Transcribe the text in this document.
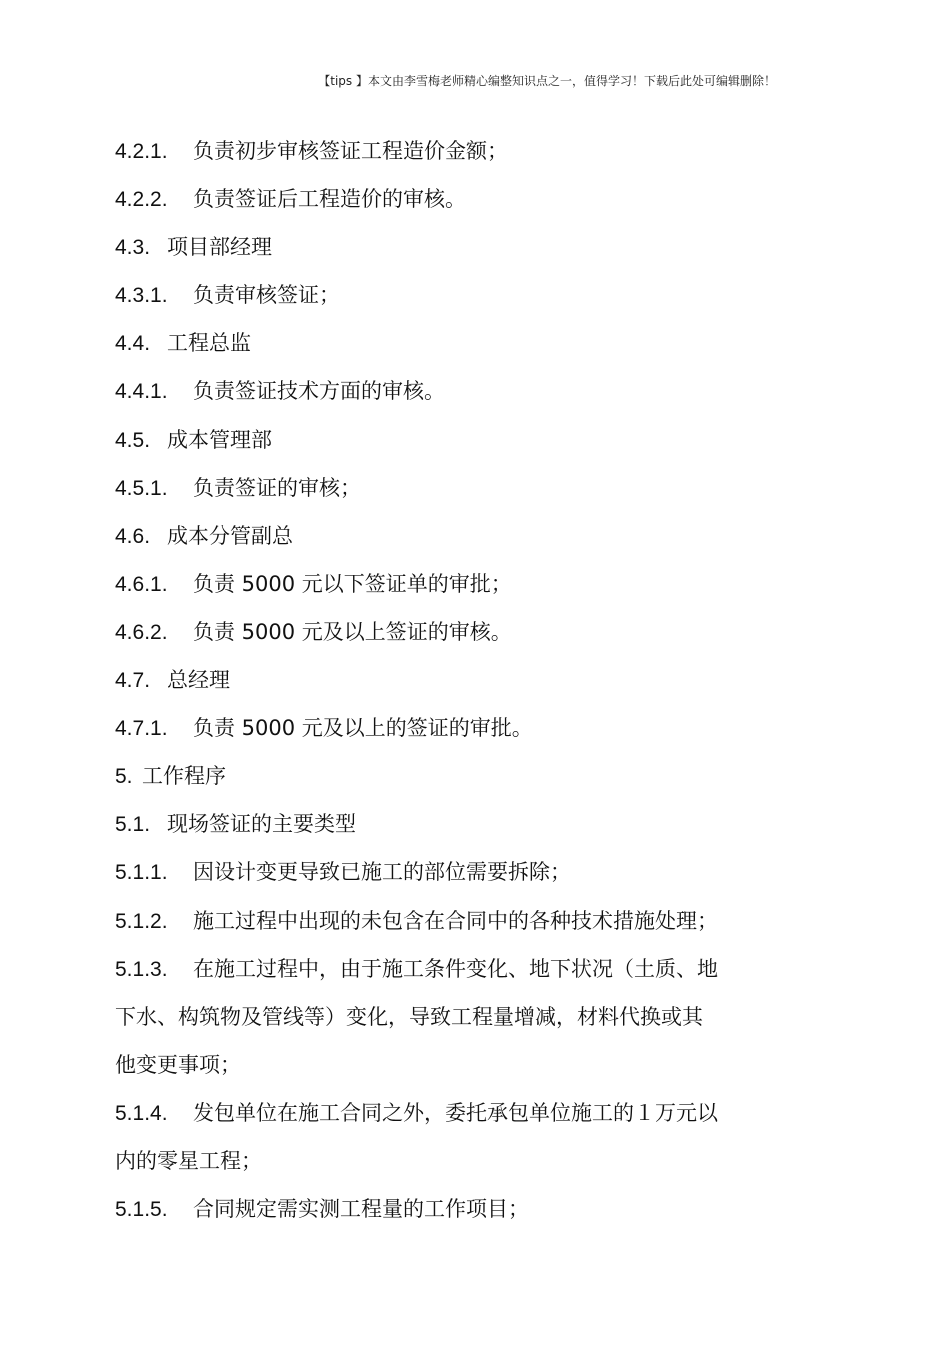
【tips 】本文由李雪梅老师精心编整知识点之一，值得学习！下载后此处可编辑删除！
4.2.1. 负责初步审核签证工程造价金额；
4.2.2. 负责签证后工程造价的审核。
4.3. 项目部经理
4.3.1. 负责审核签证；
4.4. 工程总监
4.4.1. 负责签证技术方面的审核。
4.5. 成本管理部
4.5.1. 负责签证的审核；
4.6. 成本分管副总
4.6.1. 负责 5000 元以下签证单的审批；
4.6.2. 负责 5000 元及以上签证的审核。
4.7. 总经理
4.7.1. 负责 5000 元及以上的签证的审批。
5. 工作程序
5.1. 现场签证的主要类型
5.1.1. 因设计变更导致已施工的部位需要拆除；
5.1.2. 施工过程中出现的未包含在合同中的各种技术措施处理；
5.1.3. 在施工过程中，由于施工条件变化、地下状况（土质、地
下水、构筑物及管线等）变化，导致工程量增减，材料代换或其
他变更事项；
5.1.4. 发包单位在施工合同之外，委托承包单位施工的１万元以
内的零星工程；
5.1.5. 合同规定需实测工程量的工作项目；
